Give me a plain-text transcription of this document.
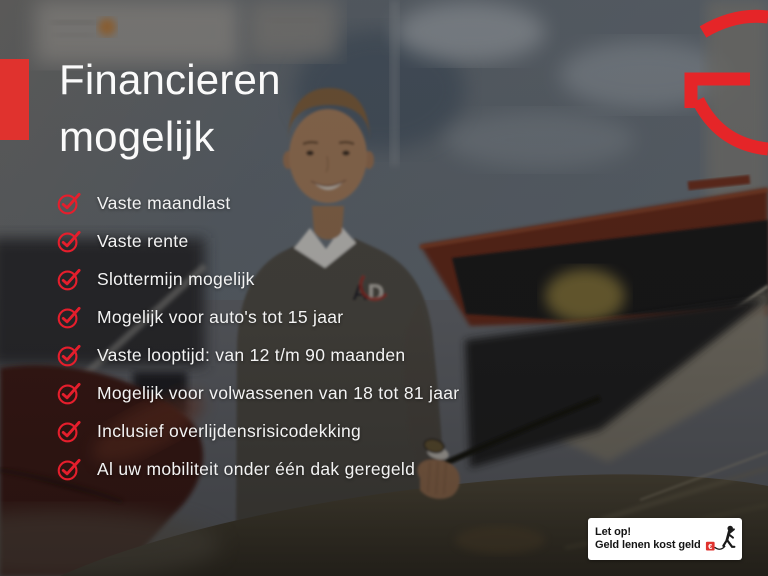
Financieren
mogelijk
Vaste maandlast
Vaste rente
Slottermijn mogelijk
Mogelijk voor auto's tot 15 jaar
Vaste looptijd: van 12 t/m 90 maanden
Mogelijk voor volwassenen van 18 tot 81 jaar
Inclusief overlijdensrisicodekking
Al uw mobiliteit onder één dak geregeld
Let op!
Geld lenen kost geld €
